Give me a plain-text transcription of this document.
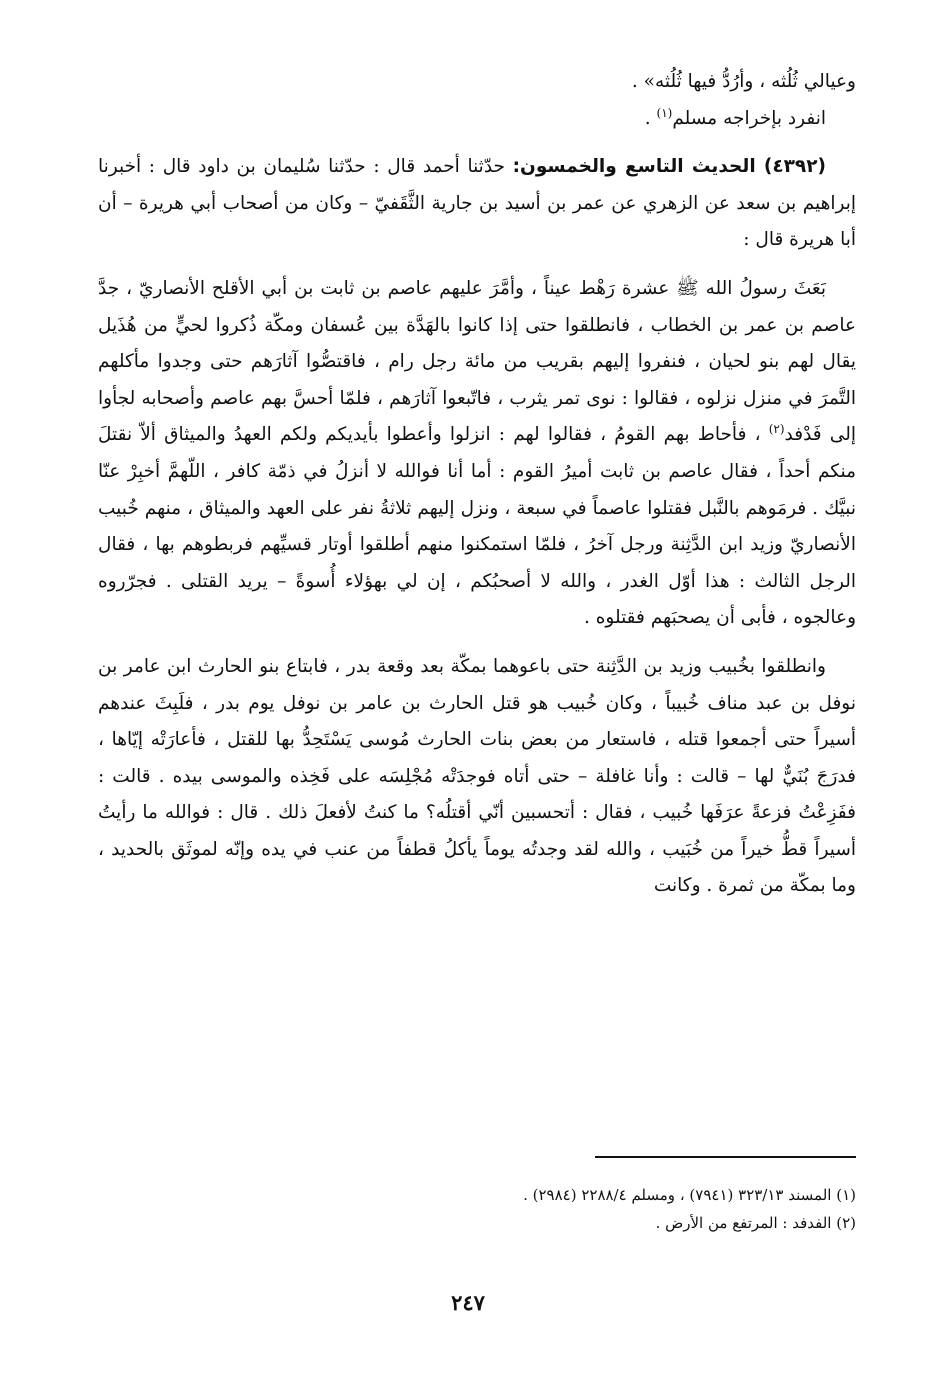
وعيالي ثُلُثه ، وأرُدُّ فيها ثُلُثه» .

انفرد بإخراجه مسلم$^{(١)}$ .

(٤٣٩٢) الحديث التاسع والخمسون: حدّثنا أحمد قال : حدّثنا سُليمان بن داود قال : أخبرنا إبراهيم بن سعد عن الزهري عن عمر بن أسيد بن جارية الثَّقَفيّ – وكان من أصحاب أبي هريرة – أن أبا هريرة قال :

بَعَثَ رسولُ الله ﷺ عشرة رَهْط عيناً ، وأمَّرَ عليهم عاصم بن ثابت بن أبي الأقلح الأنصاريّ ، جدَّ عاصم بن عمر بن الخطاب ، فانطلقوا حتى إذا كانوا بالهَدَّة بين عُسفان ومكّة ذُكروا لحيٍّ من هُذَيل يقال لهم بنو لحيان ، فنفروا إليهم بقريب من مائة رجل رام ، فاقتصُّوا آثارَهم حتى وجدوا مأكلهم التَّمرَ في منزل نزلوه ، فقالوا : نوى تمر يثرب ، فاتّبعوا آثارَهم ، فلمّا أحسَّ بهم عاصم وأصحابه لجأوا إلى فَدْفد$^{(٢)}$ ، فأحاط بهم القومُ ، فقالوا لهم : انزلوا وأعطوا بأيديكم ولكم العهدُ والميثاق ألاّ نقتلَ منكم أحداً ، فقال عاصم بن ثابت أميرُ القوم : أما أنا فوالله لا أنزلُ في ذمّة كافر ، اللّهمَّ أخبِرْ عنّا نبيَّك . فرمَوهم بالنَّبل فقتلوا عاصماً في سبعة ، ونزل إليهم ثلاثةُ نفر على العهد والميثاق ، منهم خُبيب الأنصاريّ وزيد ابن الدَّثِنة ورجل آخرُ ، فلمّا استمكنوا منهم أطلقوا أوتار قسيِّهم فربطوهم بها ، فقال الرجل الثالث : هذا أوّل الغدر ، والله لا أصحبُكم ، إن لي بهؤلاء أُسوةً – يريد القتلى . فجرّروه وعالجوه ، فأبى أن يصحبَهم فقتلوه .

وانطلقوا بخُبيب وزيد بن الدَّثِنة حتى باعوهما بمكّة بعد وقعة بدر ، فابتاع بنو الحارث ابن عامر بن نوفل بن عبد مناف خُبيباً ، وكان خُبيب هو قتل الحارث بن عامر بن نوفل يوم بدر ، فلَبِثَ عندهم أسيراً حتى أجمعوا قتله ، فاستعار من بعض بنات الحارث مُوسى يَسْتَحِدُّ بها للقتل ، فأعارَتْه إيّاها ، فدرَجَ بُنَيٌّ لها – قالت : وأنا غافلة – حتى أتاه فوجدَتْه مُجْلِسَه على فَخِذه والموسى بيده . قالت : ففَزِعْتُ فزعةً عرَفَها خُبيب ، فقال : أتحسبين أنّي أقتلُه؟ ما كنتُ لأفعلَ ذلك . قال : فوالله ما رأيتُ أسيراً قطُّ خيراً من خُبَيب ، والله لقد وجدتُه يوماً يأكلُ قطفاً من عنب في يده وإنّه لموثَق بالحديد ، وما بمكّة من ثمرة . وكانت

(١) المسند ٣٢٣/١٣ (٧٩٤١) ، ومسلم ٢٢٨٨/٤ (٢٩٨٤) .

(٢) الفدفد : المرتفع من الأرض .

٢٤٧
